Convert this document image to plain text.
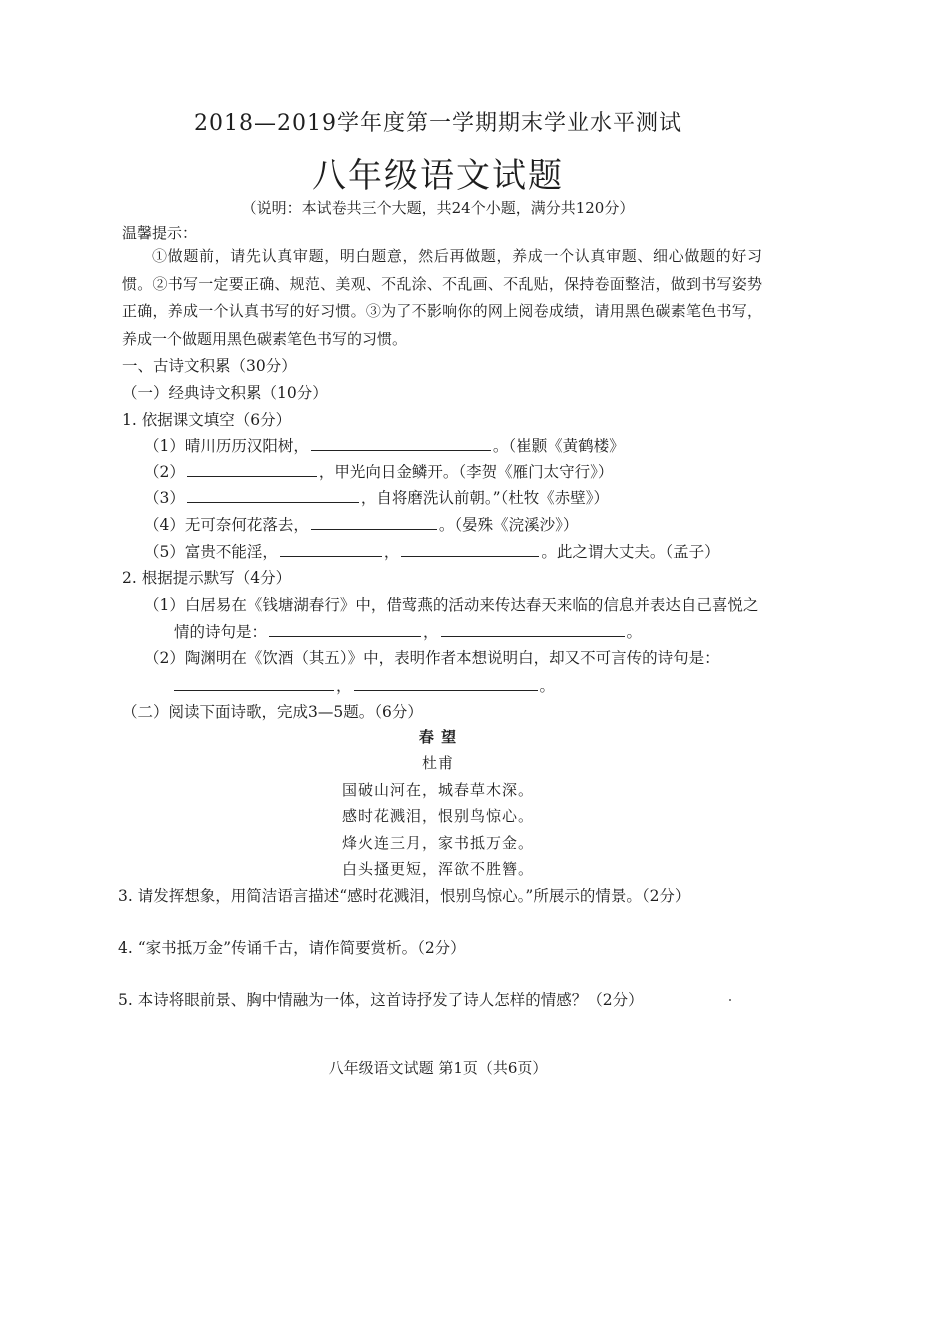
2018—2019学年度第一学期期末学业水平测试
八年级语文试题
（说明：本试卷共三个大题，共24个小题，满分共120分）
温馨提示：
①做题前，请先认真审题，明白题意，然后再做题，养成一个认真审题、细心做题的好习惯。②书写一定要正确、规范、美观、不乱涂、不乱画、不乱贴，保持卷面整洁，做到书写姿势正确，养成一个认真书写的好习惯。③为了不影响你的网上阅卷成绩，请用黑色碳素笔色书写，养成一个做题用黑色碳素笔色书写的习惯。
一、古诗文积累（30分）
（一）经典诗文积累（10分）
1. 依据课文填空（6分）
（1）晴川历历汉阳树，	。（崔颢《黄鹤楼》
（2）	，甲光向日金鳞开。（李贺《雁门太守行》）
（3）	，自将磨洗认前朝。”（杜牧《赤壁》）
（4）无可奈何花落去，	。（晏殊《浣溪沙》）
（5）富贵不能淫，	，	。此之谓大丈夫。（孟子）
2. 根据提示默写（4分）
（1）白居易在《钱塘湖春行》中，借莺燕的活动来传达春天来临的信息并表达自己喜悦之
情的诗句是：	，	。
（2）陶渊明在《饮酒（其五）》中，表明作者本想说明白，却又不可言传的诗句是：
，	。
（二）阅读下面诗歌，完成3—5题。（6分）
春 望
杜甫
国破山河在，城春草木深。
感时花溅泪，恨别鸟惊心。
烽火连三月，家书抵万金。
白头搔更短，浑欲不胜簪。
3. 请发挥想象，用简洁语言描述“感时花溅泪，恨别鸟惊心。”所展示的情景。（2分）
4. “家书抵万金”传诵千古，请作简要赏析。（2分）
5. 本诗将眼前景、胸中情融为一体，这首诗抒发了诗人怎样的情感？（2分）
八年级语文试题 第1页（共6页）
